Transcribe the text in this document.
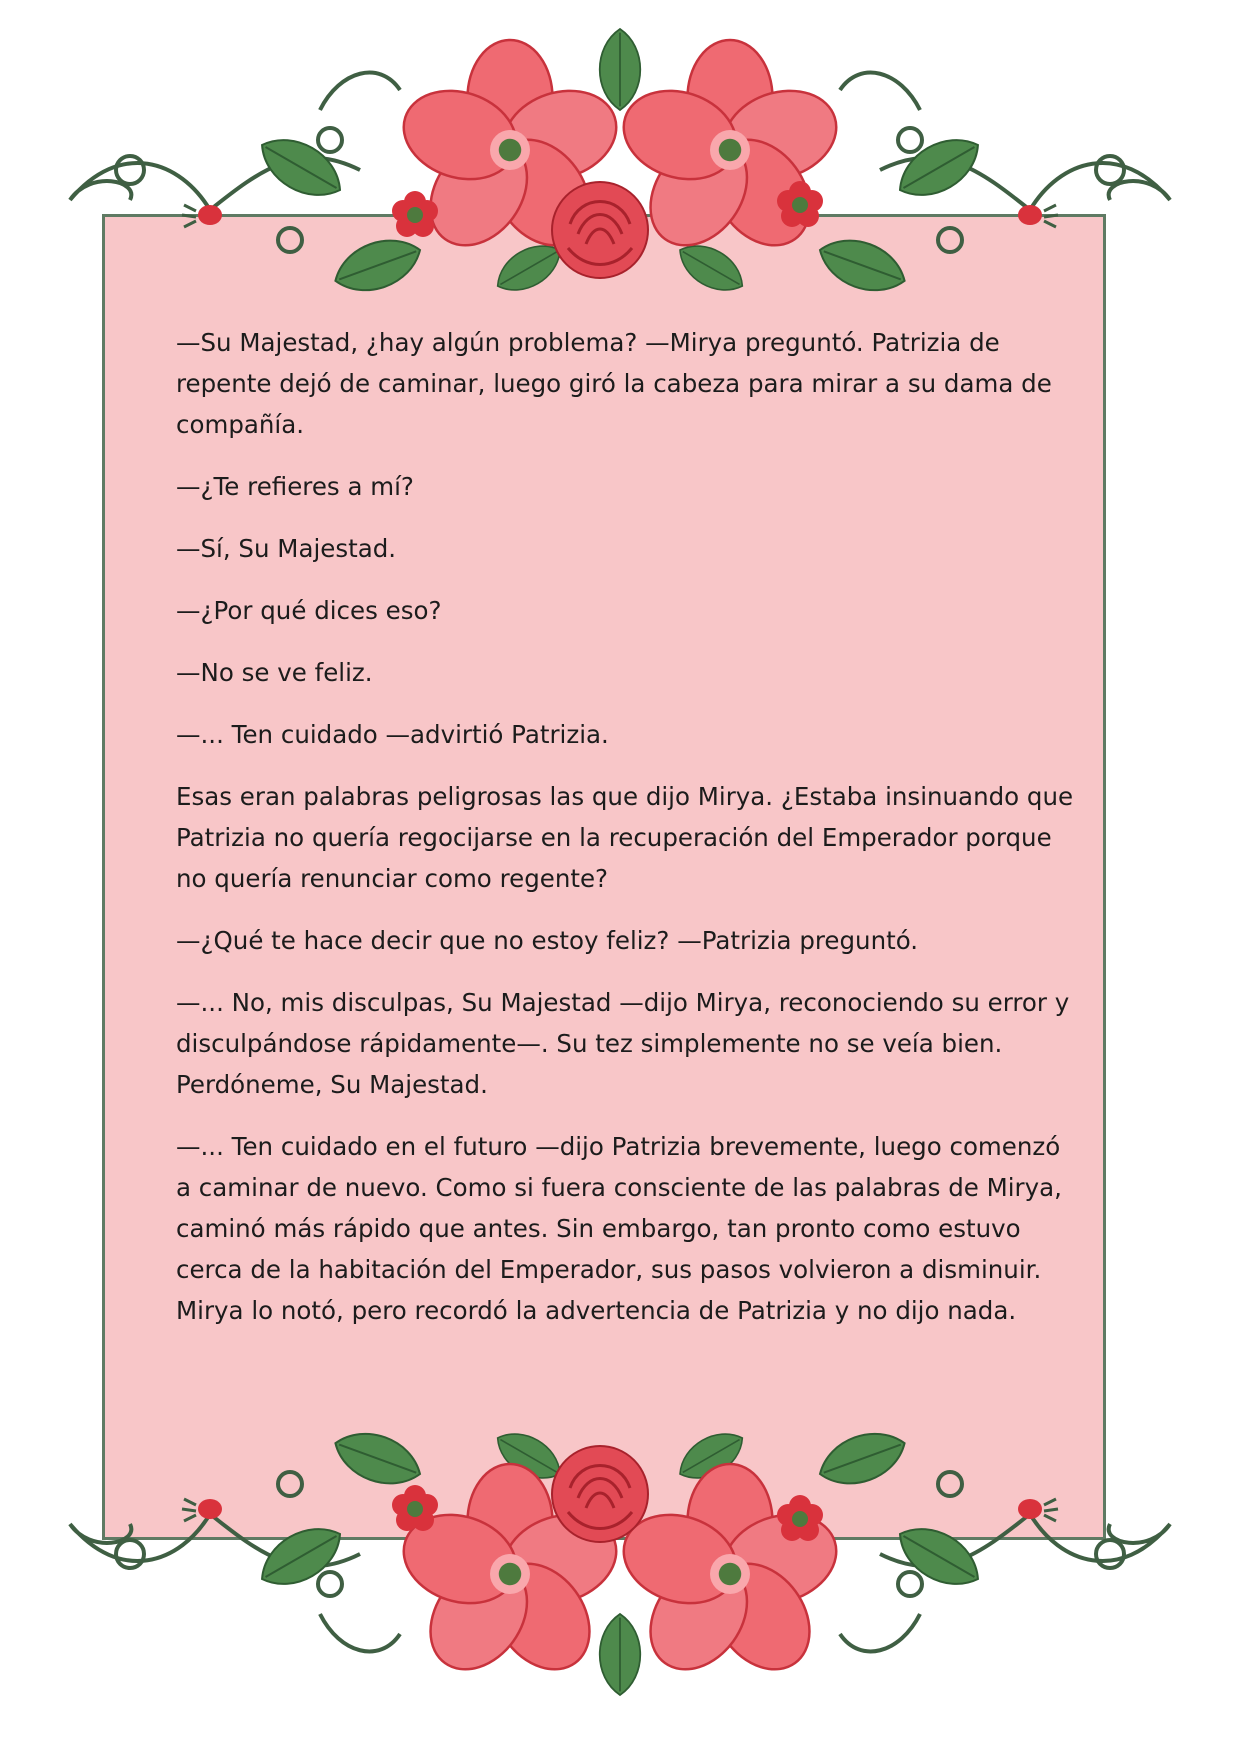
—Su Majestad, ¿hay algún problema? —Mirya preguntó. Patrizia de repente dejó de caminar, luego giró la cabeza para mirar a su dama de compañía.

—¿Te refieres a mí?

—Sí, Su Majestad.

—¿Por qué dices eso?

—No se ve feliz.

—... Ten cuidado —advirtió Patrizia.

Esas eran palabras peligrosas las que dijo Mirya. ¿Estaba insinuando que Patrizia no quería regocijarse en la recuperación del Emperador porque no quería renunciar como regente?

—¿Qué te hace decir que no estoy feliz? —Patrizia preguntó.

—... No, mis disculpas, Su Majestad —dijo Mirya, reconociendo su error y disculpándose rápidamente—. Su tez simplemente no se veía bien. Perdóneme, Su Majestad.

—... Ten cuidado en el futuro —dijo Patrizia brevemente, luego comenzó a caminar de nuevo. Como si fuera consciente de las palabras de Mirya, caminó más rápido que antes. Sin embargo, tan pronto como estuvo cerca de la habitación del Emperador, sus pasos volvieron a disminuir. Mirya lo notó, pero recordó la advertencia de Patrizia y no dijo nada.
